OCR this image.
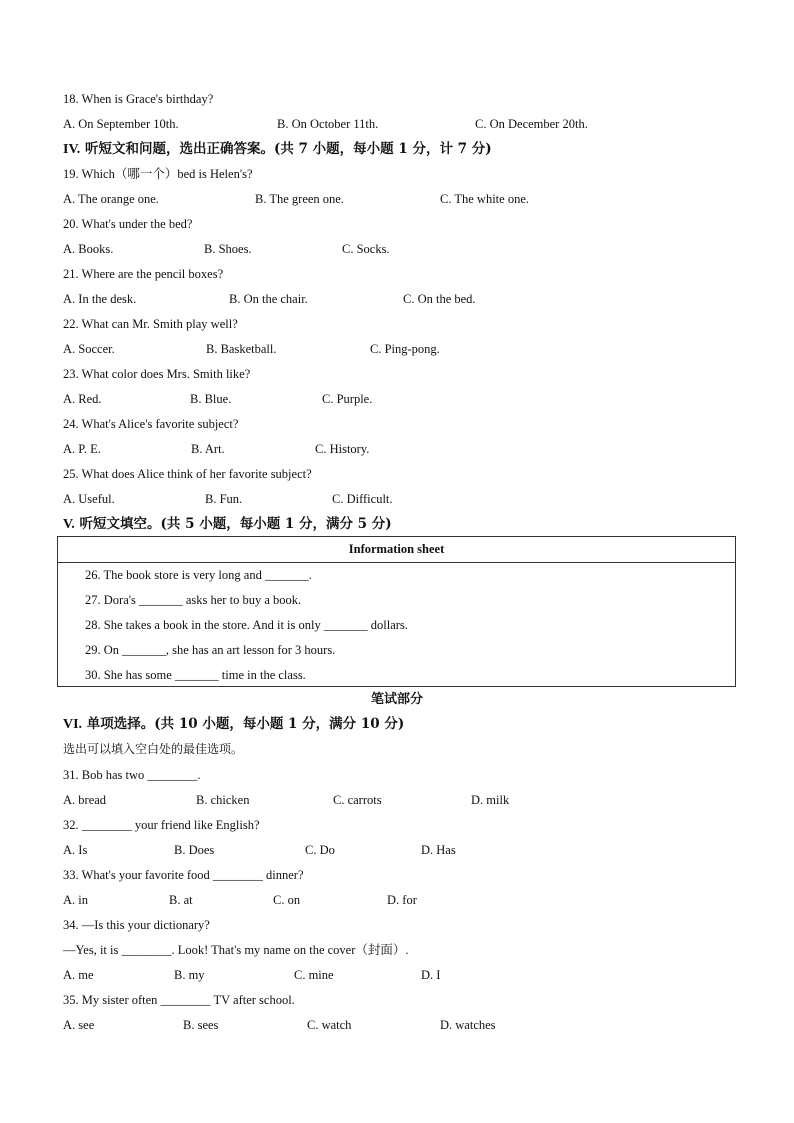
18. When is Grace's birthday?
A. On September 10th.	B. On October 11th.	C. On December 20th.
IV. 听短文和问题，选出正确答案。(共 7 小题，每小题 1 分，计 7 分)
19. Which（哪一个）bed is Helen's?
A. The orange one.	B. The green one.	C. The white one.
20. What's under the bed?
A. Books.	B. Shoes.	C. Socks.
21. Where are the pencil boxes?
A. In the desk.	B. On the chair.	C. On the bed.
22. What can Mr. Smith play well?
A. Soccer.	B. Basketball.	C. Ping-pong.
23. What color does Mrs. Smith like?
A. Red.	B. Blue.	C. Purple.
24. What's Alice's favorite subject?
A. P. E.	B. Art.	C. History.
25. What does Alice think of her favorite subject?
A. Useful.	B. Fun.	C. Difficult.
V. 听短文填空。(共 5 小题，每小题 1 分，满分 5 分)
Information sheet
26. The book store is very long and _______.
27. Dora's _______ asks her to buy a book.
28. She takes a book in the store. And it is only _______ dollars.
29. On _______, she has an art lesson for 3 hours.
30. She has some _______ time in the class.
笔试部分
VI. 单项选择。(共 10 小题，每小题 1 分，满分 10 分)
选出可以填入空白处的最佳选项。
31. Bob has two ________.
A. bread	B. chicken	C. carrots	D. milk
32. ________ your friend like English?
A. Is	B. Does	C. Do	D. Has
33. What's your favorite food ________ dinner?
A. in	B. at	C. on	D. for
34. —Is this your dictionary?
—Yes, it is ________. Look! That's my name on the cover（封面）.
A. me	B. my	C. mine	D. I
35. My sister often ________ TV after school.
A. see	B. sees	C. watch	D. watches
